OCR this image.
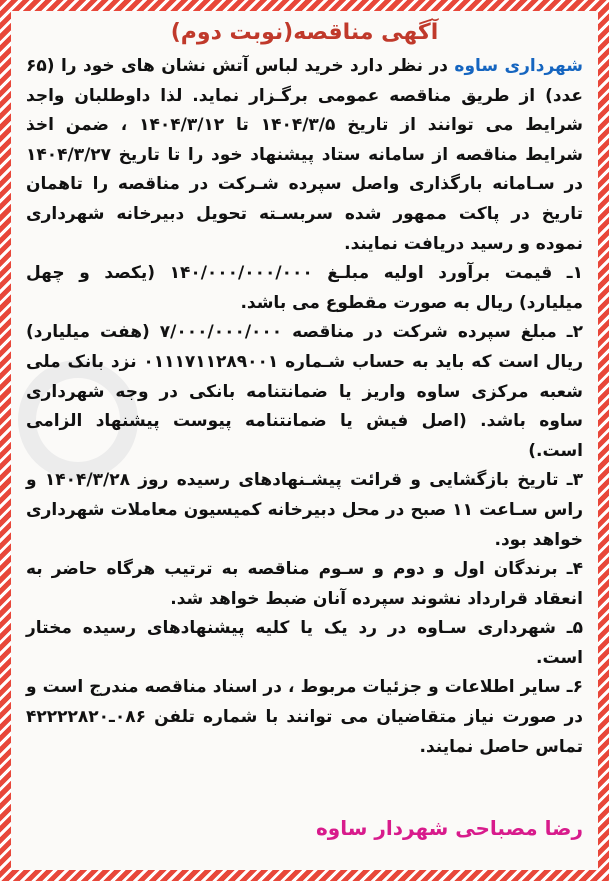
آگهی مناقصه(نوبت دوم)

شهرداری ساوه در نظر دارد خرید لباس آتش نشان های خود را (۶۵ عدد) از طریق مناقصه عمومی برگـزار نماید. لذا داوطلبان واجد شرایط می توانند از تاریخ ۱۴۰۴/۳/۵ تا ۱۴۰۴/۳/۱۲ ، ضمن اخذ شرایط مناقصه از سامانه ستاد پیشنهاد خود را تا تاریخ ۱۴۰۴/۳/۲۷ در سـامانه بارگذاری واصل سپرده شـرکت در مناقصه را تاهمان تاریخ در پاکت ممهور شده سربسـته تحویل دبیرخانه شهرداری نموده و رسید دریافت نمایند.

۱ـ قیمت برآورد اولیه مبلـغ ۱۴۰/۰۰۰/۰۰۰/۰۰۰ (یکصد و چهل میلیارد) ریال به صورت مقطوع می باشد.

۲ـ مبلغ سپرده شرکت در مناقصه ۷/۰۰۰/۰۰۰/۰۰۰ (هفت میلیارد) ریال است که باید به حساب شـماره ۰۱۱۱۷۱۱۲۸۹۰۰۱ نزد بانک ملی شعبه مرکزی ساوه واریز یا ضمانتنامه بانکی در وجه شهرداری ساوه باشد. (اصل فیش یا ضمانتنامه پیوست پیشنهاد الزامی است.)

۳ـ تاریخ بازگشایی و قرائت پیشـنهادهای رسیده روز ۱۴۰۴/۳/۲۸ و راس سـاعت ۱۱ صبح در محل دبیرخانه کمیسیون معاملات شهرداری خواهد بود.

۴ـ برندگان اول و دوم و سـوم مناقصه به ترتیب هرگاه حاضر به انعقاد قرارداد نشوند سپرده آنان ضبط خواهد شد.

۵ـ شهرداری سـاوه در رد یک یا کلیه پیشنهادهای رسیده مختار است.

۶ـ سایر اطلاعات و جزئیات مربوط ، در اسناد مناقصه مندرج است و در صورت نیاز متقاضیان می توانند با شماره تلفن ۰۸۶ـ۴۲۲۲۲۸۲۰ تماس حاصل نمایند.

رضا مصباحی شهردار ساوه
